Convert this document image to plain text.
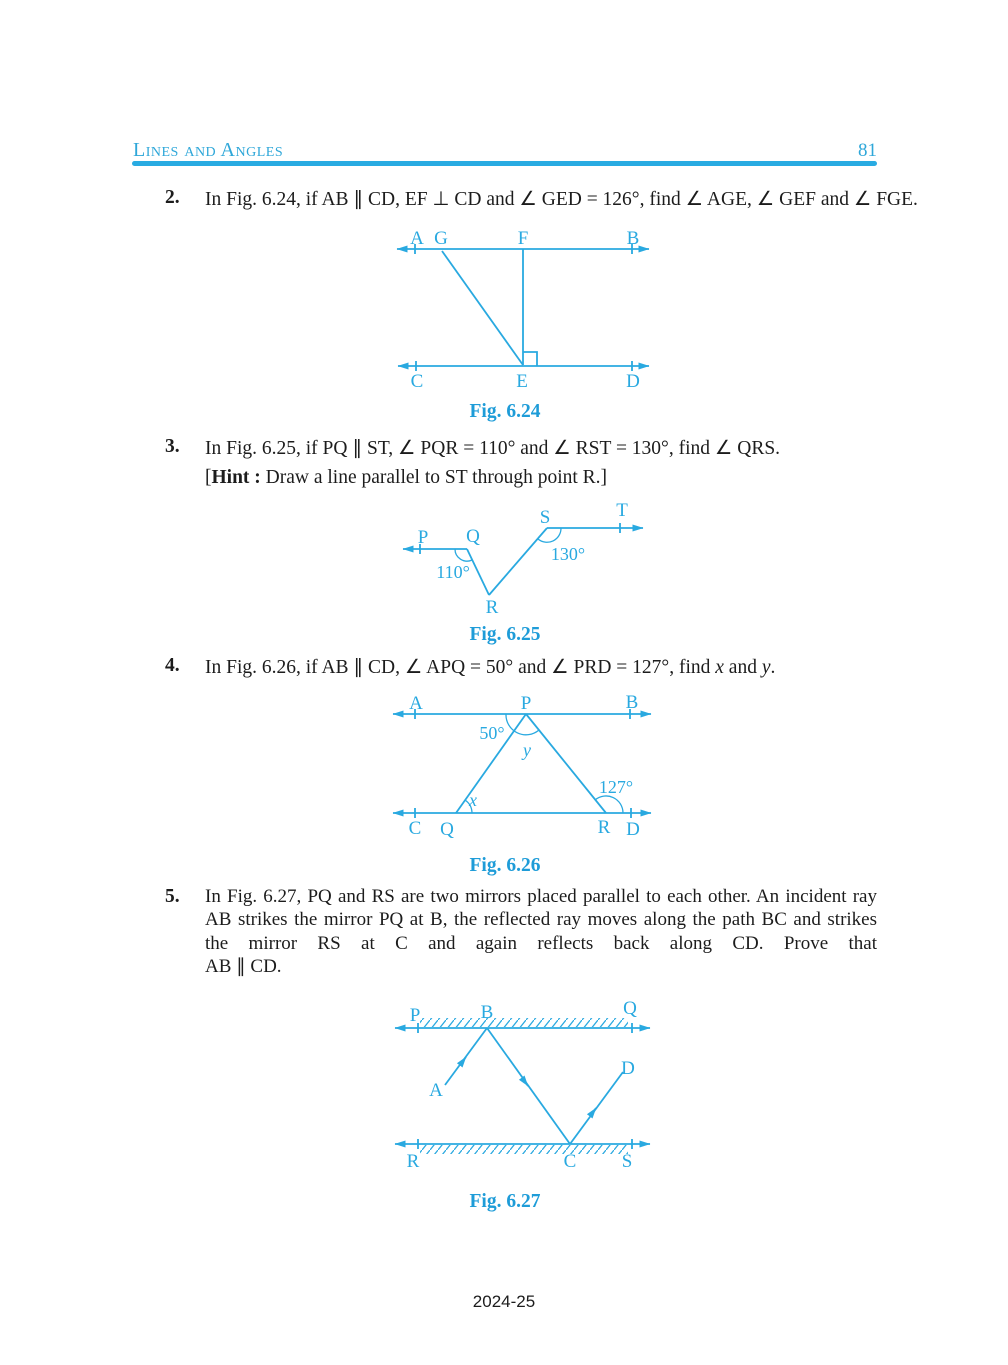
Lines and Angles	81
2. In Fig. 6.24, if AB ∥ CD, EF ⊥ CD and ∠ GED = 126°, find ∠ AGE, ∠ GEF and ∠ FGE.
A G	F	B
C	E	D
Fig. 6.24
3. In Fig. 6.25, if PQ ∥ ST, ∠ PQR = 110° and ∠ RST = 130°, find ∠ QRS.
[Hint : Draw a line parallel to ST through point R.]
P Q
R
S	T
110°
130°
Fig. 6.25
4. In Fig. 6.26, if AB ∥ CD, ∠ APQ = 50° and ∠ PRD = 127°, find x and y.
A	P	B
C Q	R D
50°
y
x
127°
Fig. 6.26
5. In Fig. 6.27, PQ and RS are two mirrors placed parallel to each other. An incident ray
AB strikes the mirror PQ at B, the reflected ray moves along the path BC and strikes
the mirror RS at C and again reflects back along CD. Prove that
AB ∥ CD.
P	B	Q
R	C S
A
D
Fig. 6.27
2024-25
